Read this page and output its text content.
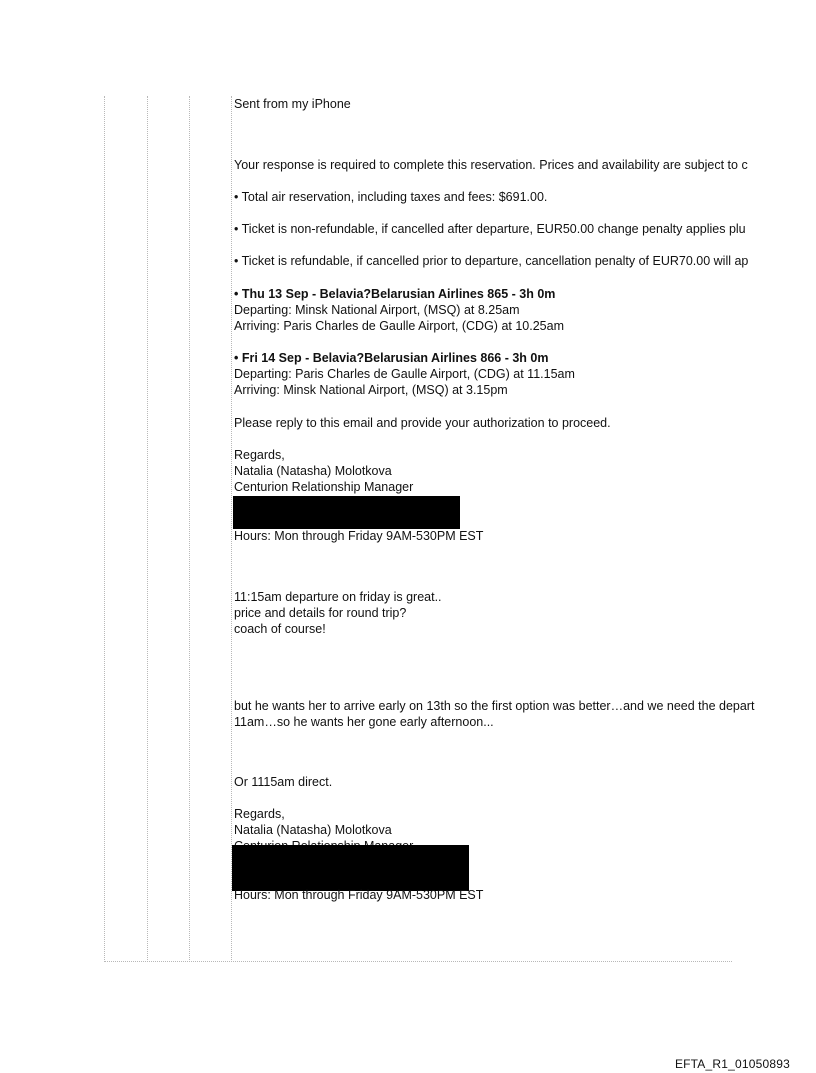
Sent from my iPhone
Your response is required to complete this reservation. Prices and availability are subject to c
• Total air reservation, including taxes and fees: $691.00.
• Ticket is non-refundable, if cancelled after departure, EUR50.00 change penalty applies plu
• Ticket is refundable, if cancelled prior to departure, cancellation penalty of EUR70.00 will ap
• Thu 13 Sep - Belavia?Belarusian Airlines 865 - 3h 0m
Departing: Minsk National Airport, (MSQ) at 8.25am
Arriving: Paris Charles de Gaulle Airport, (CDG) at 10.25am
• Fri 14 Sep - Belavia?Belarusian Airlines 866 - 3h 0m
Departing: Paris Charles de Gaulle Airport, (CDG) at 11.15am
Arriving: Minsk National Airport, (MSQ) at 3.15pm
Please reply to this email and provide your authorization to proceed.
Regards,
Natalia (Natasha) Molotkova
Centurion Relationship Manager
Hours: Mon through Friday 9AM-530PM EST
11:15am departure on friday is great..
price and details for round trip?
coach of course!
but he wants her to arrive early on 13th so the first option was better…and we need the depart
11am…so he wants her gone early afternoon...
Or 1115am direct.
Regards,
Natalia (Natasha) Molotkova
Hours: Mon through Friday 9AM-530PM EST
EFTA_R1_01050893
